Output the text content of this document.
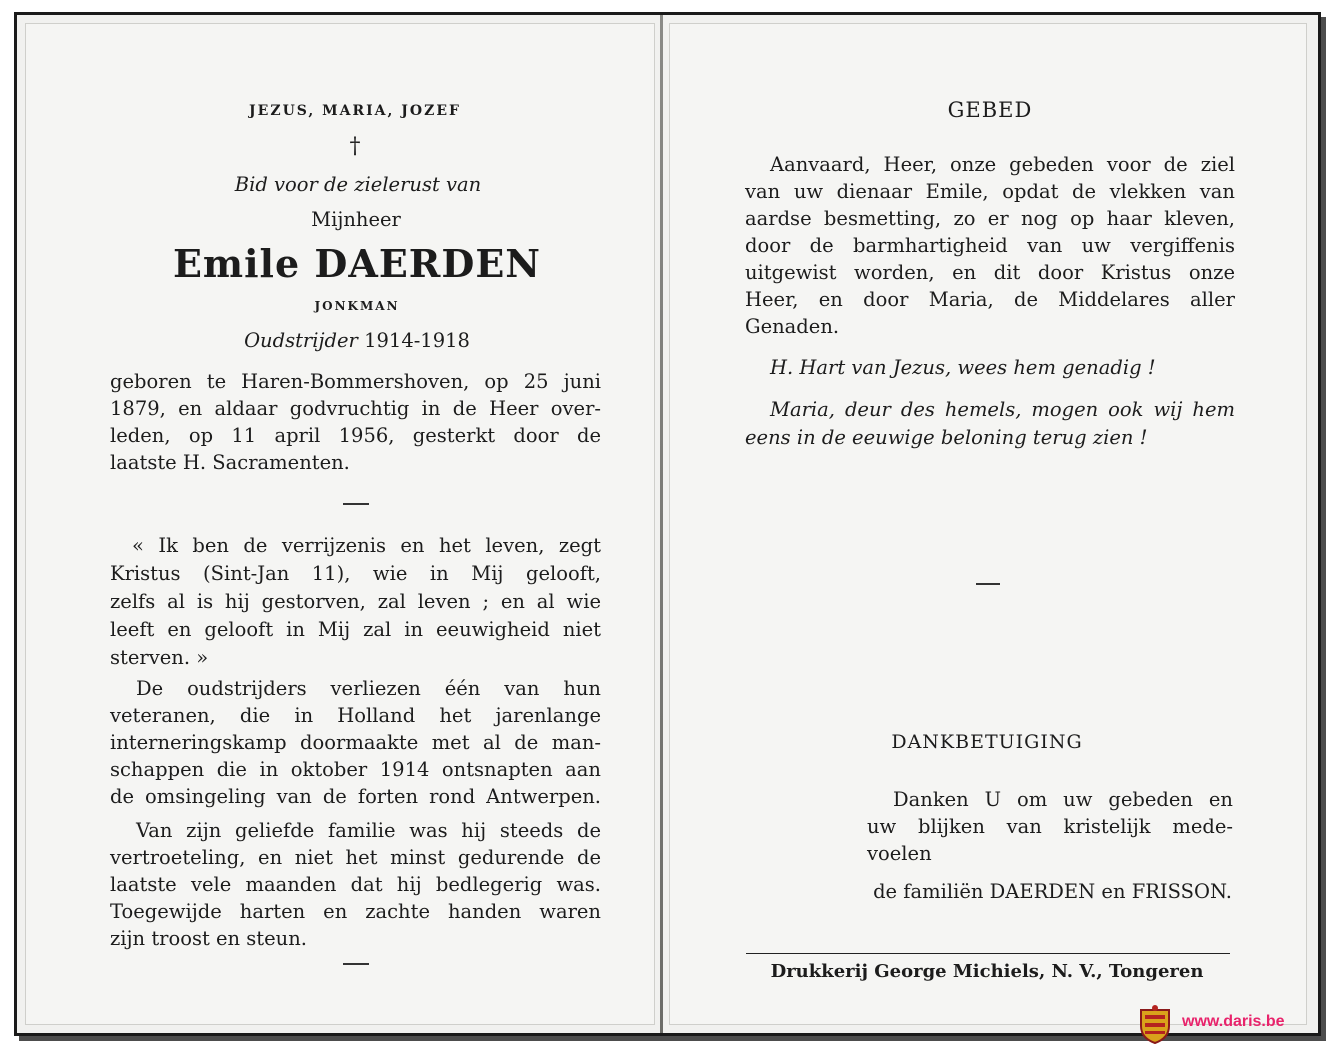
JEZUS, MARIA, JOZEF
†
Bid voor de zielerust van
Mijnheer
Emile DAERDEN
JONKMAN
Oudstrijder 1914-1918
geboren te Haren-Bommershoven, op 25 juni
1879, en aldaar godvruchtig in de Heer over-
leden, op 11 april 1956, gesterkt door de
laatste H. Sacramenten.
« Ik ben de verrijzenis en het leven, zegt
Kristus (Sint-Jan 11), wie in Mij gelooft,
zelfs al is hij gestorven, zal leven ; en al wie
leeft en gelooft in Mij zal in eeuwigheid niet
sterven. »
De oudstrijders verliezen één van hun
veteranen, die in Holland het jarenlange
interneringskamp doormaakte met al de man-
schappen die in oktober 1914 ontsnapten aan
de omsingeling van de forten rond Antwerpen.
Van zijn geliefde familie was hij steeds de
vertroeteling, en niet het minst gedurende de
laatste vele maanden dat hij bedlegerig was.
Toegewijde harten en zachte handen waren
zijn troost en steun.
GEBED
Aanvaard, Heer, onze gebeden voor de ziel
van uw dienaar Emile, opdat de vlekken van
aardse besmetting, zo er nog op haar kleven,
door de barmhartigheid van uw vergiffenis
uitgewist worden, en dit door Kristus onze
Heer, en door Maria, de Middelares aller
Genaden.
H. Hart van Jezus, wees hem genadig !
Maria, deur des hemels, mogen ook wij hem
eens in de eeuwige beloning terug zien !
DANKBETUIGING
Danken U om uw gebeden en
uw blijken van kristelijk mede-
voelen
de familiën DAERDEN en FRISSON.
Drukkerij George Michiels, N. V., Tongeren
www.daris.be
